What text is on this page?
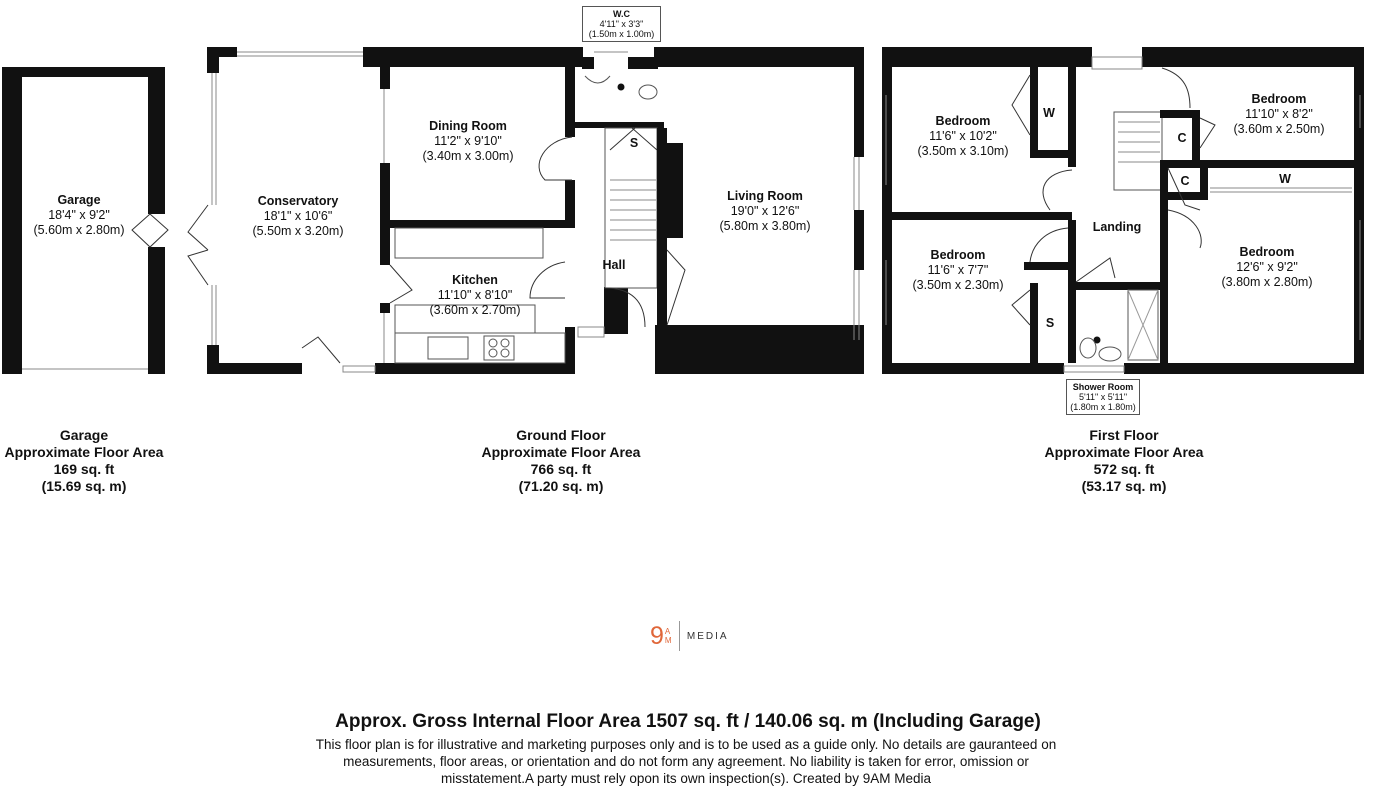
W.C
4'11" x 3'3"
(1.50m x 1.00m)
Shower Room
5'11" x 5'11"
(1.80m x 1.80m)
Garage
18'4" x 9'2"
(5.60m x 2.80m)
Conservatory
18'1" x 10'6"
(5.50m x 3.20m)
Dining Room
11'2" x 9'10"
(3.40m x 3.00m)
Kitchen
11'10" x 8'10"
(3.60m x 2.70m)
Hall
Living Room
19'0" x 12'6"
(5.80m x 3.80m)
Bedroom
11'6" x 10'2"
(3.50m x 3.10m)
Bedroom
11'10" x 8'2"
(3.60m x 2.50m)
Bedroom
11'6" x 7'7"
(3.50m x 2.30m)
Bedroom
12'6" x 9'2"
(3.80m x 2.80m)
Landing
S
S
W
W
C
C
Garage
Approximate Floor Area
169 sq. ft
(15.69 sq. m)
Ground Floor
Approximate Floor Area
766 sq. ft
(71.20 sq. m)
First Floor
Approximate Floor Area
572 sq. ft
(53.17 sq. m)
9 AM MEDIA
Approx. Gross Internal Floor Area 1507 sq. ft / 140.06 sq. m (Including Garage)
This floor plan is for illustrative and marketing purposes only and is to be used as a guide only. No details are gauranteed on measurements, floor areas, or orientation and do not form any agreement. No liability is taken for error, omission or misstatement.A party must rely opon its own inspection(s). Created by 9AM Media
